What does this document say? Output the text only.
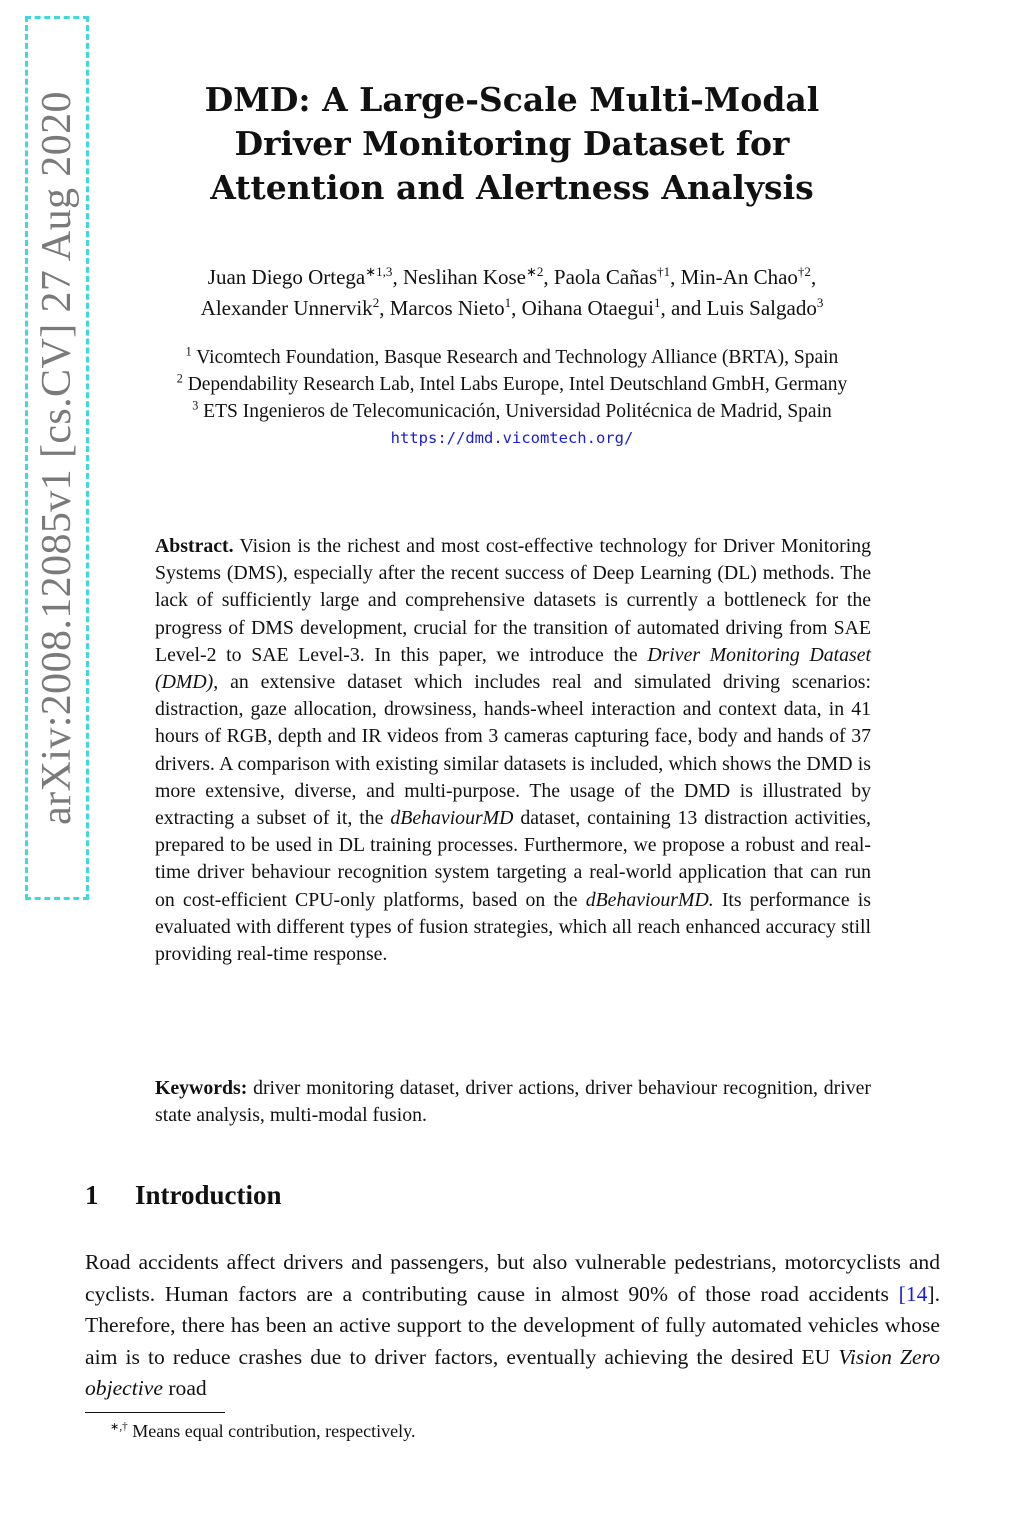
arXiv:2008.12085v1 [cs.CV] 27 Aug 2020	DMD: A Large-Scale Multi-Modal
Driver Monitoring Dataset for
Attention and Alertness Analysis
Juan Diego Ortega$^{∗1,3}$, Neslihan Kose$^{∗2}$, Paola Cañas$^{\dagger 1}$, Min-An Chao$^{\dagger 2}$,
Alexander Unnervik$^2$, Marcos Nieto$^1$, Oihana Otaegui$^1$, and Luis Salgado$^3$
$^1$ Vicomtech Foundation, Basque Research and Technology Alliance (BRTA), Spain
$^2$ Dependability Research Lab, Intel Labs Europe, Intel Deutschland GmbH, Germany
$^3$ ETS Ingenieros de Telecomunicación, Universidad Politécnica de Madrid, Spain
https://dmd.vicomtech.org/
Abstract. Vision is the richest and most cost-effective technology for Driver Monitoring Systems (DMS), especially after the recent success of Deep Learning (DL) methods. The lack of sufficiently large and comprehensive datasets is currently a bottleneck for the progress of DMS development, crucial for the transition of automated driving from SAE Level-2 to SAE Level-3. In this paper, we introduce the Driver Monitoring Dataset (DMD), an extensive dataset which includes real and simulated driving scenarios: distraction, gaze allocation, drowsiness, hands-wheel interaction and context data, in 41 hours of RGB, depth and IR videos from 3 cameras capturing face, body and hands of 37 drivers. A comparison with existing similar datasets is included, which shows the DMD is more extensive, diverse, and multi-purpose. The usage of the DMD is illustrated by extracting a subset of it, the dBehaviourMD dataset, containing 13 distraction activities, prepared to be used in DL training processes. Furthermore, we propose a robust and real-time driver behaviour recognition system targeting a real-world application that can run on cost-efficient CPU-only platforms, based on the dBehaviourMD. Its performance is evaluated with different types of fusion strategies, which all reach enhanced accuracy still providing real-time response.
Keywords: driver monitoring dataset, driver actions, driver behaviour recognition, driver state analysis, multi-modal fusion.
1 Introduction
Road accidents affect drivers and passengers, but also vulnerable pedestrians, motorcyclists and cyclists. Human factors are a contributing cause in almost 90% of those road accidents [14]. Therefore, there has been an active support to the development of fully automated vehicles whose aim is to reduce crashes due to driver factors, eventually achieving the desired EU Vision Zero objective road
∗,† Means equal contribution, respectively.
